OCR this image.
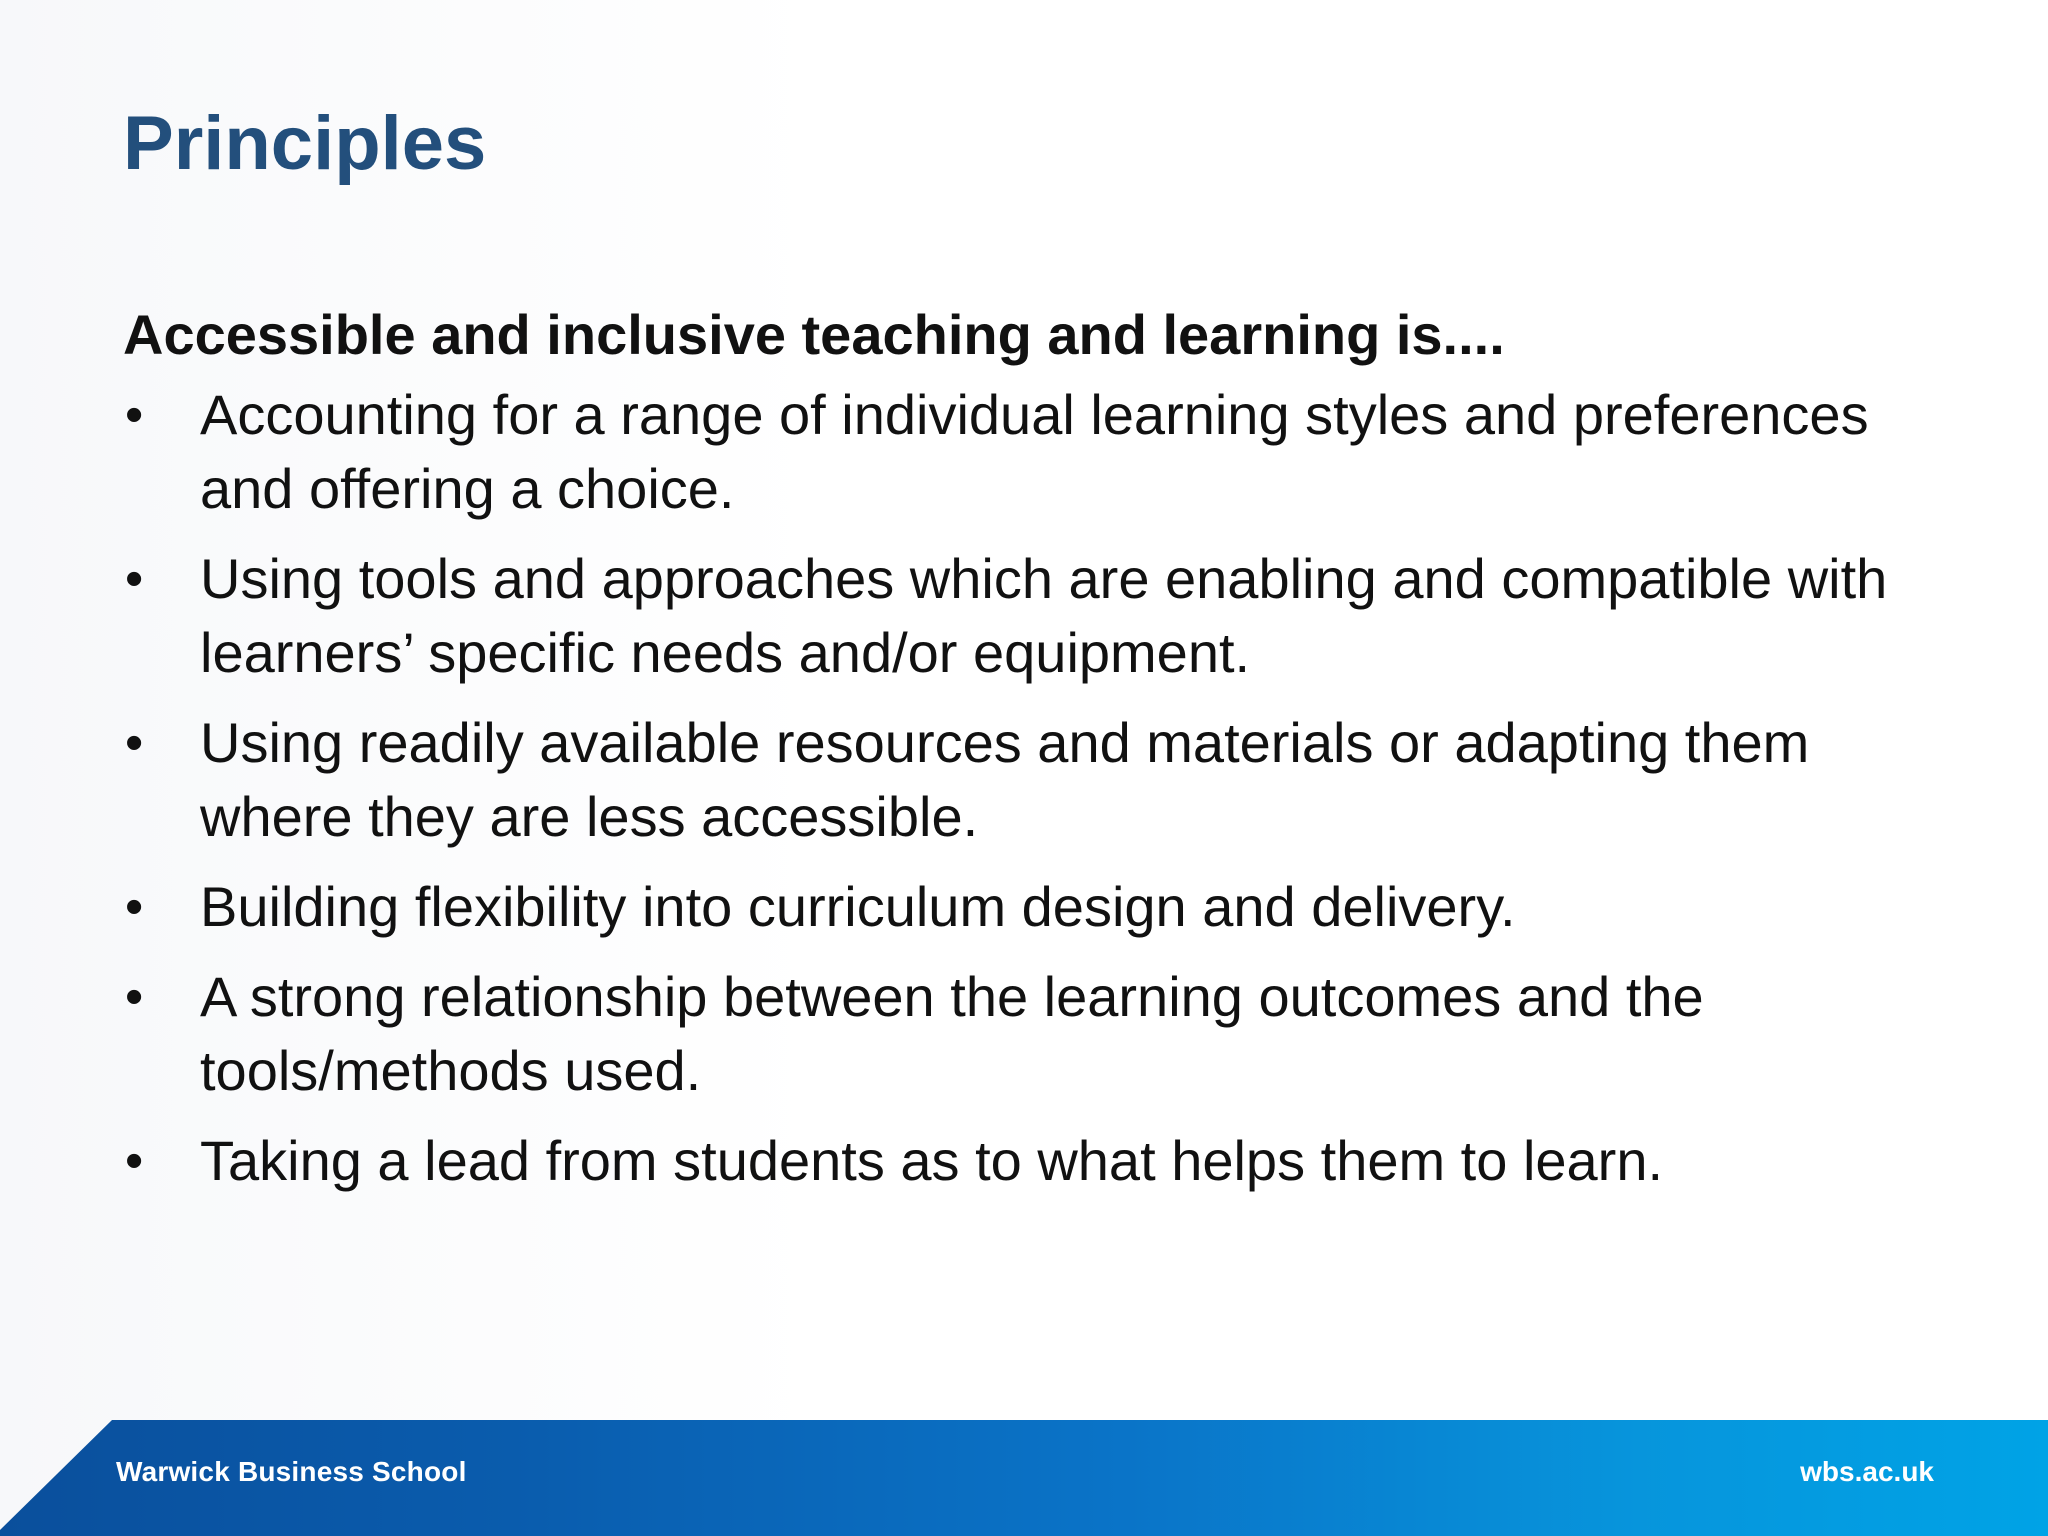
Principles

Accessible and inclusive teaching and learning is....

• Accounting for a range of individual learning styles and preferences and offering a choice.
• Using tools and approaches which are enabling and compatible with learners’ specific needs and/or equipment.
• Using readily available resources and materials or adapting them where they are less accessible.
• Building flexibility into curriculum design and delivery.
• A strong relationship between the learning outcomes and the tools/methods used.
• Taking a lead from students as to what helps them to learn.
Warwick Business School	wbs.ac.uk
